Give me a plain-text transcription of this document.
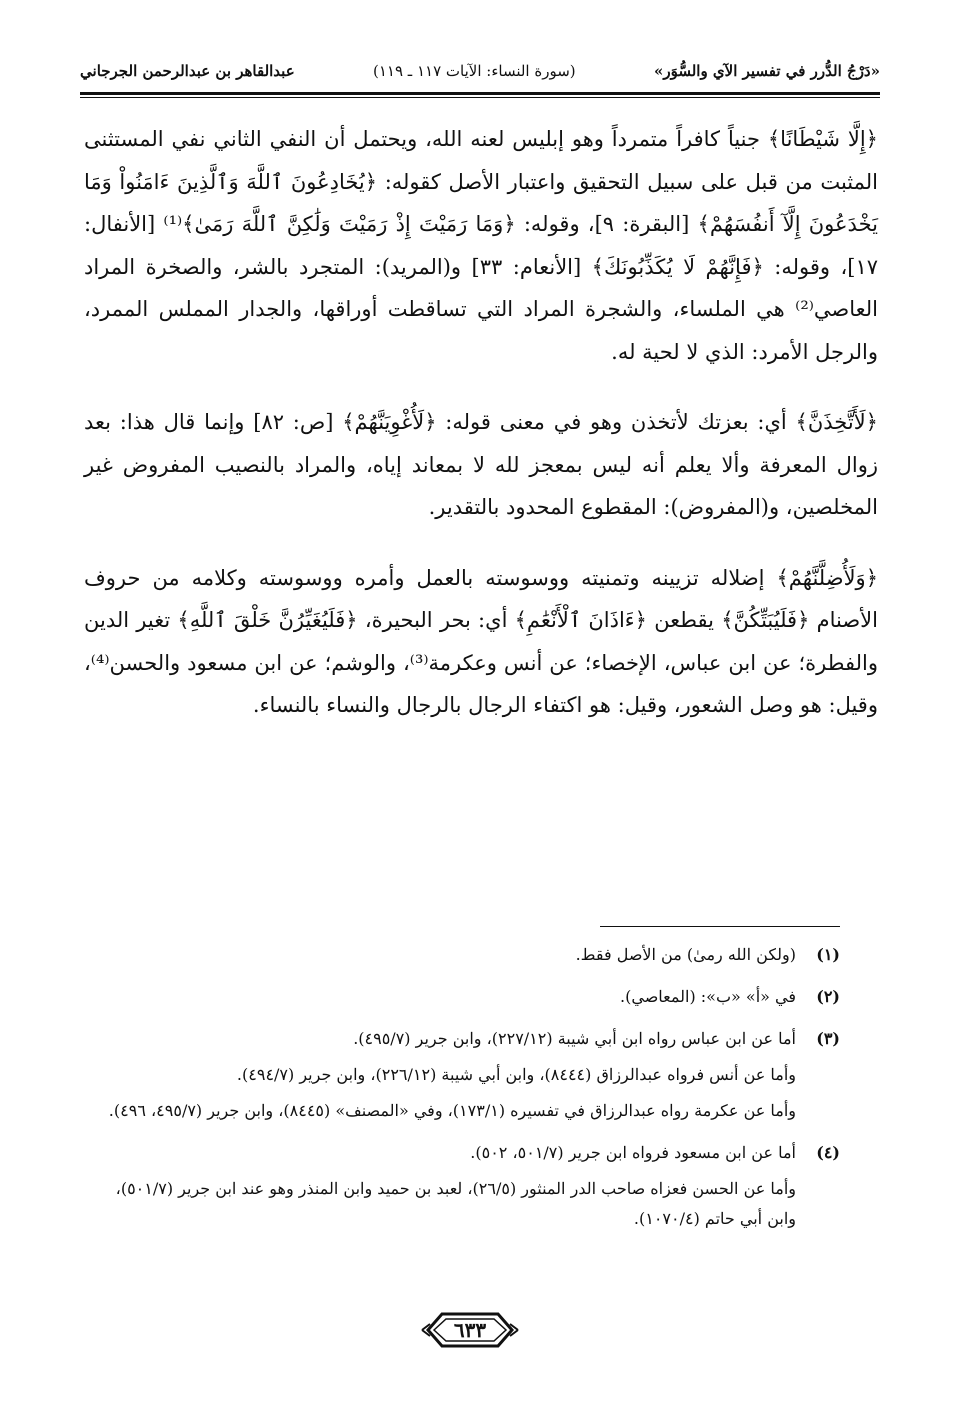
«دَرْجُ الدُّرر في تفسير الآي والسُّوَر»
(سورة النساء: الآيات ١١٧ ـ ١١٩)
عبدالقاهر بن عبدالرحمن الجرجاني

﴿إِلَّا شَيْطَانًا﴾ جنياً كافراً متمرداً وهو إبليس لعنه الله، ويحتمل أن النفي الثاني نفي المستثنى المثبت من قبل على سبيل التحقيق واعتبار الأصل كقوله: ﴿يُخَادِعُونَ ٱللَّهَ وَٱلَّذِينَ ءَامَنُواْ وَمَا يَخْدَعُونَ إِلَّآ أَنفُسَهُمْ﴾ [البقرة: ٩]، وقوله: ﴿وَمَا رَمَيْتَ إِذْ رَمَيْتَ وَلَٰكِنَّ ٱللَّهَ رَمَىٰ﴾⁽¹⁾ [الأنفال: ١٧]، وقوله: ﴿فَإِنَّهُمْ لَا يُكَذِّبُونَكَ﴾ [الأنعام: ٣٣] و(المريد): المتجرد بالشر، والصخرة المراد العاصي⁽²⁾ هي الملساء، والشجرة المراد التي تساقطت أوراقها، والجدار المملس الممرد، والرجل الأمرد: الذي لا لحية له.

﴿لَأَتَّخِذَنَّ﴾ أي: بعزتك لأتخذن وهو في معنى قوله: ﴿لَأُغْوِيَنَّهُمْ﴾ [ص: ٨٢] وإنما قال هذا: بعد زوال المعرفة وألا يعلم أنه ليس بمعجز لله لا بمعاند إياه، والمراد بالنصيب المفروض غير المخلصين، و(المفروض): المقطوع المحدود بالتقدير.

﴿وَلَأُضِلَّنَّهُمْ﴾ إضلاله تزيينه وتمنيته ووسوسته بالعمل وأمره ووسوسته وكلامه من حروف الأصنام ﴿فَلَيُبَتِّكُنَّ﴾ يقطعن ﴿ءَاذَانَ ٱلْأَنْعَٰمِ﴾ أي: بحر البحيرة، ﴿فَلَيُغَيِّرُنَّ خَلْقَ ٱللَّهِ﴾ تغير الدين والفطرة؛ عن ابن عباس، الإخصاء؛ عن أنس وعكرمة⁽³⁾، والوشم؛ عن ابن مسعود والحسن⁽⁴⁾، وقيل: هو وصل الشعور، وقيل: هو اكتفاء الرجال بالرجال والنساء بالنساء.

(١)
(ولكن الله رمىٰ) من الأصل فقط.
(٢)
في «أ» «ب»: (المعاصي).
(٣)
أما عن ابن عباس رواه ابن أبي شيبة (٢٢٧/١٢)، وابن جرير (٤٩٥/٧).
وأما عن أنس فرواه عبدالرزاق (٨٤٤٤)، وابن أبي شيبة (٢٢٦/١٢)، وابن جرير (٤٩٤/٧).
وأما عن عكرمة رواه عبدالرزاق في تفسيره (١٧٣/١)، وفي «المصنف» (٨٤٤٥)، وابن جرير (٤٩٥/٧، ٤٩٦).
(٤)
أما عن ابن مسعود فرواه ابن جرير (٥٠١/٧، ٥٠٢).
وأما عن الحسن فعزاه صاحب الدر المنثور (٢٦/٥)، لعبد بن حميد وابن المنذر وهو عند ابن جرير (٥٠١/٧)، وابن أبي حاتم (١٠٧٠/٤).
٦٣٣
